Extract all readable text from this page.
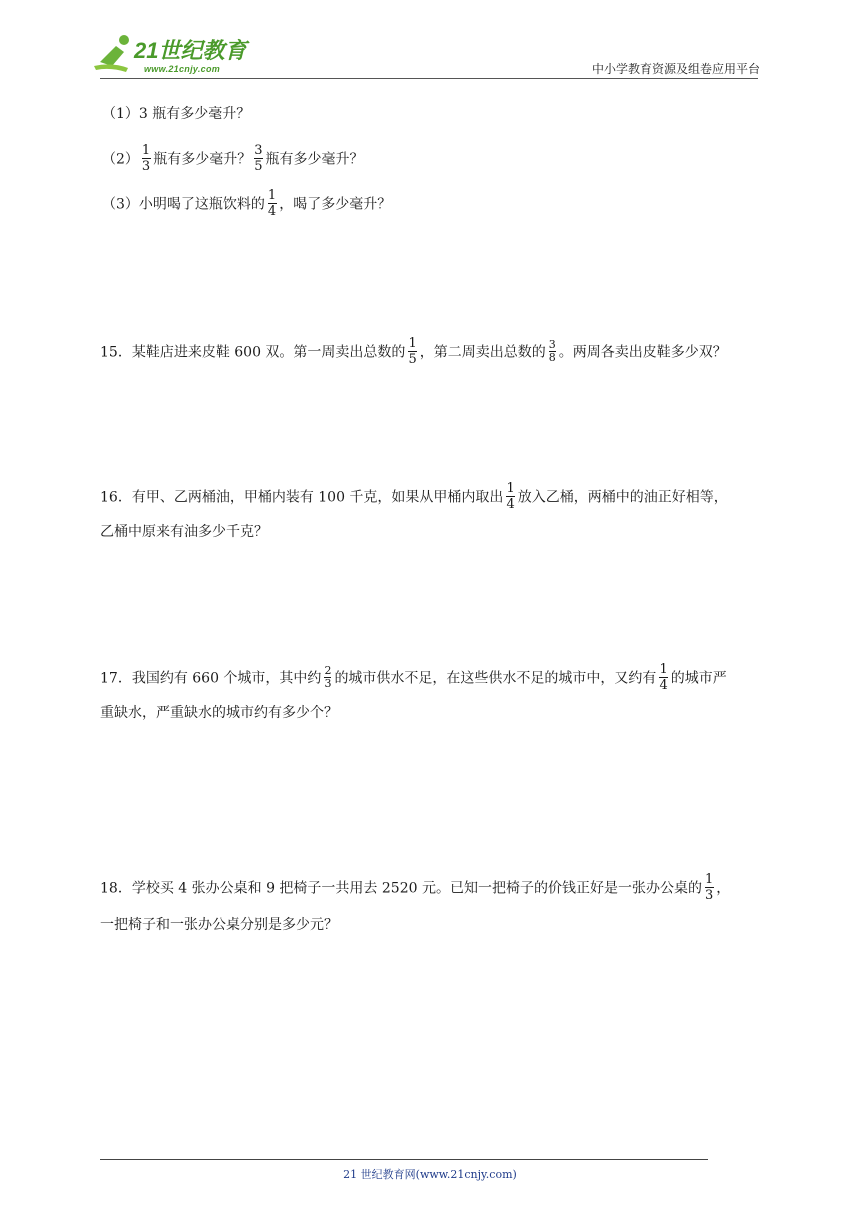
21世纪教育
www.21cnjy.com	中小学教育资源及组卷应用平台
（1）3 瓶有多少毫升？
$(2) \frac{1}{3}$ 瓶有多少毫升？ $\frac{3}{5}$ 瓶有多少毫升？
（3）小明喝了这瓶饮料的 $\frac{1}{4}$ ，喝了多少毫升？
15．某鞋店进来皮鞋 600 双。第一周卖出总数的 $\frac{1}{5}$ ，第二周卖出总数的 $\frac{3}{8}$ 。两周各卖出皮鞋多少双？
16．有甲、乙两桶油，甲桶内装有 100 千克，如果从甲桶内取出 $\frac{1}{4}$ 放入乙桶，两桶中的油正好相等，
乙桶中原来有油多少千克？
17．我国约有 660 个城市，其中约 $\frac{2}{3}$ 的城市供水不足，在这些供水不足的城市中，又约有 $\frac{1}{4}$ 的城市严
重缺水，严重缺水的城市约有多少个？
18．学校买 4 张办公桌和 9 把椅子一共用去 2520 元。已知一把椅子的价钱正好是一张办公桌的 $\frac{1}{3}$ ，
一把椅子和一张办公桌分别是多少元？
21 世纪教育网(www.21cnjy.com)
